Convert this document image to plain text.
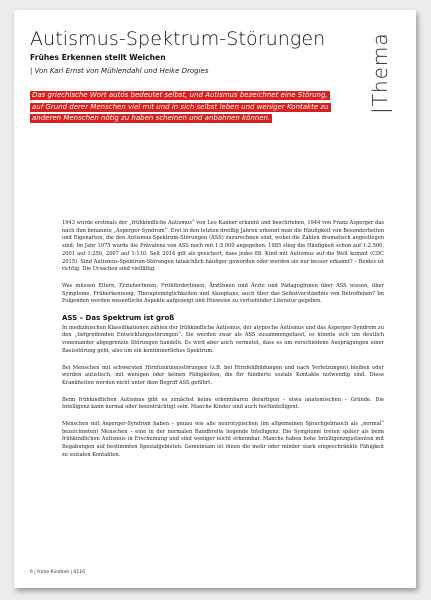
Autismus-Spektrum-Störungen
Frühes Erkennen stellt Weichen
| Von Karl Ernst von Mühlendahl und Heike Drogies
Das griechische Wort autós bedeutet selbst, und Autismus bezeichnet eine Störung,
auf Grund derer Menschen viel mit und in sich selbst leben und weniger Kontakte zu
anderen Menschen nötig zu haben scheinen und anbahnen können.
|Thema

1943 wurde erstmals der „frühkindliche Autismus“ von Leo Kanner erkannt und beschrieben, 1944 von Franz Asperger das nach ihm benannte „Asperger-Syndrom“. Erst in den letzten dreißig Jahren erkennt man die Häufigkeit von Besonderheiten und Eigenarten, die den Autismus-Spektrum-Störungen (ASS) zuzurechnen sind, wobei die Zahlen dramatisch angestiegen sind: Im Jahr 1975 wurde die Prävalenz von ASS noch mit 1:5.000 angegeben. 1985 stieg die Häufigkeit schon auf 1:2.500, 2001 auf 1:250, 2007 auf 1:110. Seit 2014 gilt als gesichert, dass jedes 88. Kind mit Autismus auf die Welt kommt (CDC 2015). Sind Autismus-Spektrum-Störungen tatsächlich häufiger geworden oder werden sie nur besser erkannt? – Beides ist richtig. Die Ursachen sind vielfältig.

Was müssen Eltern, ErzieherInnen, FrühförderInnen, ÄrztInnen und Ärzte und PädagogInnen über ASS wissen, über Symptome, Früherkennung, Therapiemöglichkeiten und Akzeptanz, auch über das Selbstverständnis von Betroffenen? Im Folgenden werden wesentliche Aspekte aufgezeigt und Hinweise zu vertiefender Literatur gegeben.

ASS – Das Spektrum ist groß

In medizinischen Klassifikationen zählen der frühkindliche Autismus, der atypische Autismus und das Asperger-Syndrom zu den „tiefgreifenden Entwicklungsstörungen“. Sie werden zwar als ASS zusammengefasst, es könnte sich um deutlich voneinander abgegrenzte Störungen handeln. Es wird aber auch vermutet, dass es um verschiedene Ausprägungen einer Basisstörung geht, also um ein kontinuierliches Spektrum.

Bei Menschen mit schwersten Hirnfunktionsstörungen (z.B. bei Hirnfehlbildungen und nach Verletzungen) bleiben oder werden autistisch, mit wenigen oder keinen Fähigkeiten, die für fundierte soziale Kontakte notwendig sind. Diese Krankheiten werden nicht unter dem Begriff ASS geführt.

Beim frühkindlichen Autismus gibt es zunächst keine erkennbaren derartigen – etwa anatomischen – Gründe. Die Intelligenz kann normal oder beeinträchtigt sein. Manche Kinder sind auch hochintelligent.

Menschen mit Asperger-Syndrom haben – genau wie alle neurotypischen (im allgemeinen Sprachgebrauch als „normal“ bezeichneten) Menschen – eine in der normalen Bandbreite liegende Intelligenz. Die Symptome treten später als beim frühkindlichen Autismus in Erscheinung und sind weniger leicht erkennbar. Manche haben hohe Intelligenzquotienten mit Begabungen auf bestimmten Spezialgebieten. Gemeinsam ist ihnen die mehr oder minder stark eingeschränkte Fähigkeit zu sozialen Kontakten.

6 | frühe Kindheit | 0116
